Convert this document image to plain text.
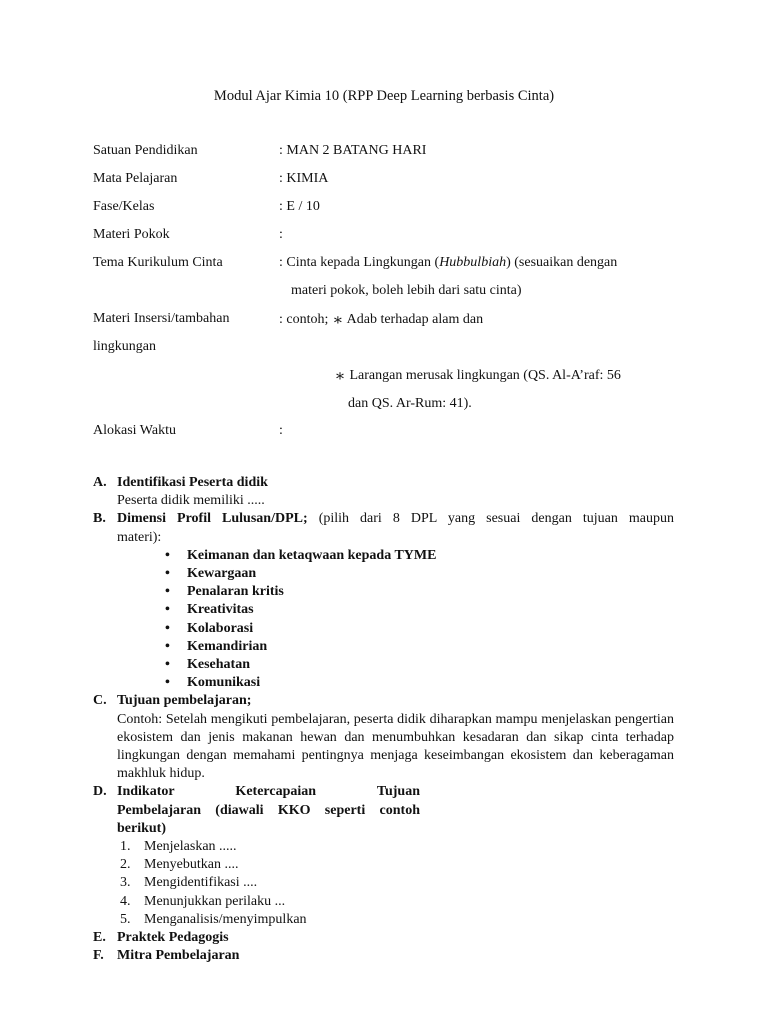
Modul Ajar Kimia 10 (RPP Deep Learning berbasis Cinta)
Satuan Pendidikan	: MAN 2 BATANG HARI
Mata Pelajaran	: KIMIA
Fase/Kelas	: E / 10
Materi Pokok	:
Tema Kurikulum Cinta	: Cinta kepada Lingkungan (Hubbulbiah) (sesuaikan dengan
materi pokok, boleh lebih dari satu cinta)
Materi Insersi/tambahan	: contoh; ⁎ Adab terhadap alam dan
lingkungan
⁎ Larangan merusak lingkungan (QS. Al-A’raf: 56
dan QS. Ar-Rum: 41).
Alokasi Waktu	:
A. Identifikasi Peserta didik
Peserta didik memiliki .....
B. Dimensi Profil Lulusan/DPL; (pilih dari 8 DPL yang sesuai dengan tujuan maupun
materi):
• Keimanan dan ketaqwaan kepada TYME
• Kewargaan
• Penalaran kritis
• Kreativitas
• Kolaborasi
• Kemandirian
• Kesehatan
• Komunikasi
C. Tujuan pembelajaran;
Contoh: Setelah mengikuti pembelajaran, peserta didik diharapkan mampu menjelaskan pengertian ekosistem dan jenis makanan hewan dan menumbuhkan kesadaran dan sikap cinta terhadap lingkungan dengan memahami pentingnya menjaga keseimbangan ekosistem dan keberagaman makhluk hidup.
D. Indikator Ketercapaian Tujuan
Pembelajaran (diawali KKO seperti contoh
berikut)
1. Menjelaskan .....
2. Menyebutkan ....
3. Mengidentifikasi ....
4. Menunjukkan perilaku ...
5. Menganalisis/menyimpulkan
E. Praktek Pedagogis
F. Mitra Pembelajaran
